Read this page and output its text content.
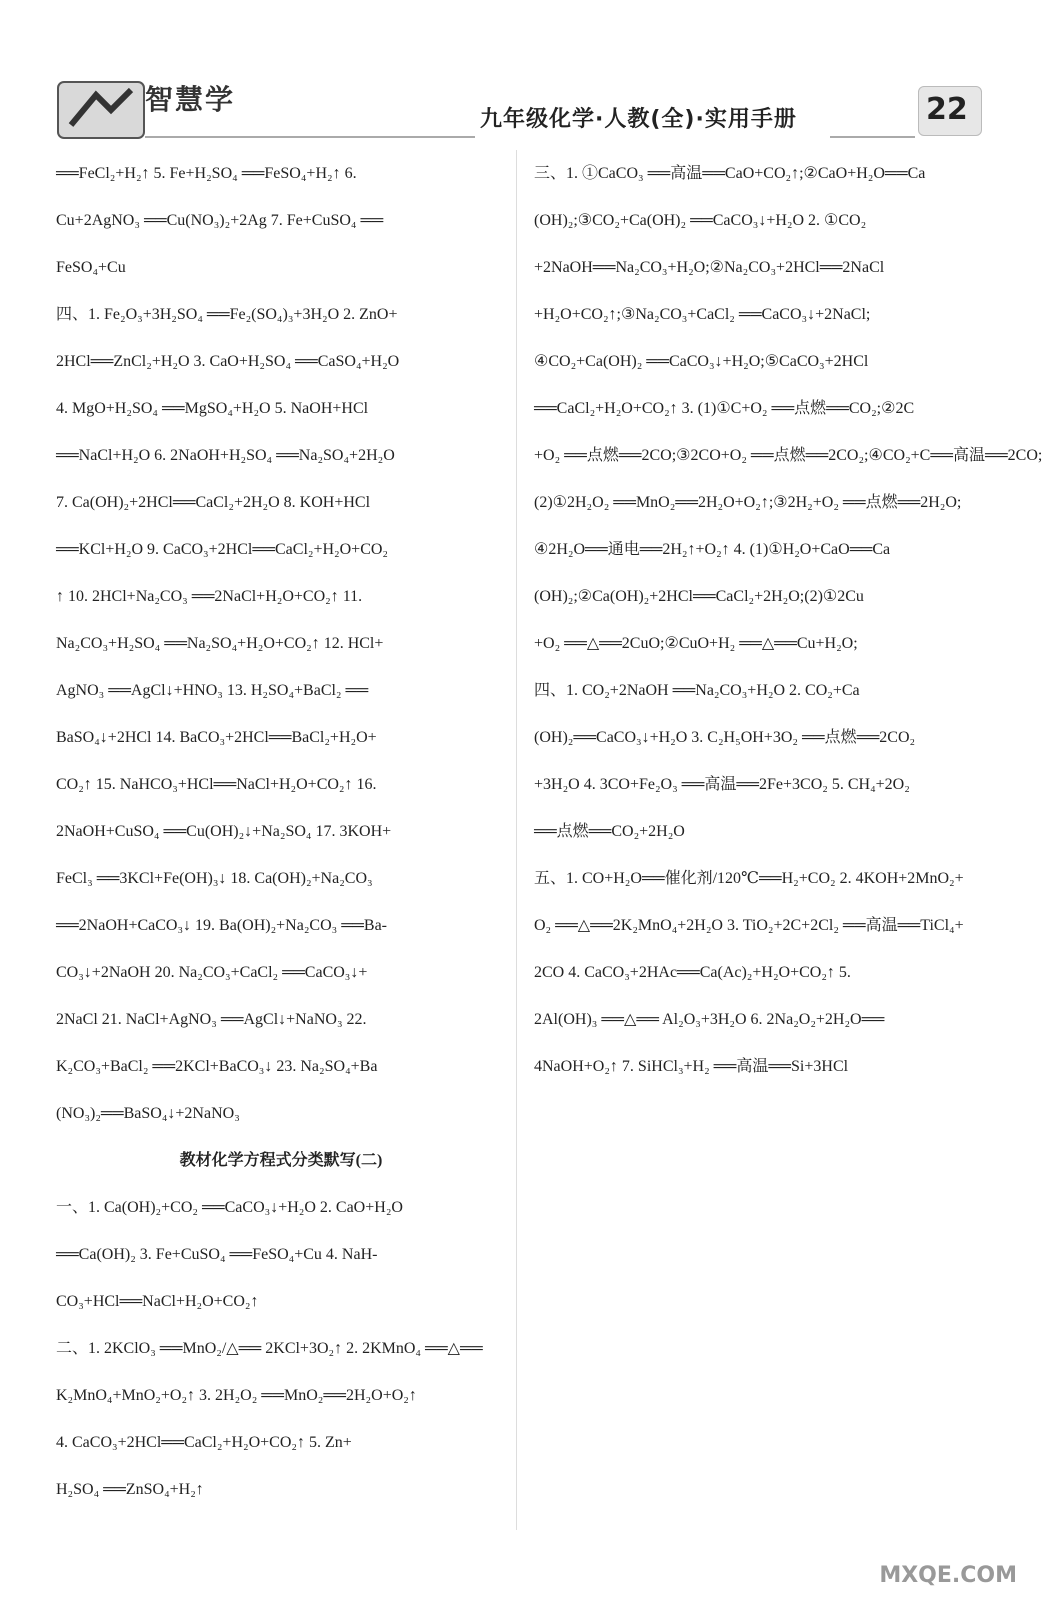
智慧学
九年级化学·人教(全)·实用手册	22
══FeCl₂+H₂↑ 5. Fe+H₂SO₄ ══FeSO₄+H₂↑ 6.
Cu+2AgNO₃ ══Cu(NO₃)₂+2Ag 7. Fe+CuSO₄ ══
FeSO₄+Cu
四、1. Fe₂O₃+3H₂SO₄ ══Fe₂(SO₄)₃+3H₂O 2. ZnO+
2HCl══ZnCl₂+H₂O 3. CaO+H₂SO₄ ══CaSO₄+H₂O
4. MgO+H₂SO₄ ══MgSO₄+H₂O 5. NaOH+HCl
══NaCl+H₂O 6. 2NaOH+H₂SO₄ ══Na₂SO₄+2H₂O
7. Ca(OH)₂+2HCl══CaCl₂+2H₂O 8. KOH+HCl
══KCl+H₂O 9. CaCO₃+2HCl══CaCl₂+H₂O+CO₂
↑ 10. 2HCl+Na₂CO₃ ══2NaCl+H₂O+CO₂↑ 11.
Na₂CO₃+H₂SO₄ ══Na₂SO₄+H₂O+CO₂↑ 12. HCl+
AgNO₃ ══AgCl↓+HNO₃ 13. H₂SO₄+BaCl₂ ══
BaSO₄↓+2HCl 14. BaCO₃+2HCl══BaCl₂+H₂O+
CO₂↑ 15. NaHCO₃+HCl══NaCl+H₂O+CO₂↑ 16.
2NaOH+CuSO₄ ══Cu(OH)₂↓+Na₂SO₄ 17. 3KOH+
FeCl₃ ══3KCl+Fe(OH)₃↓ 18. Ca(OH)₂+Na₂CO₃
══2NaOH+CaCO₃↓ 19. Ba(OH)₂+Na₂CO₃ ══Ba-
CO₃↓+2NaOH 20. Na₂CO₃+CaCl₂ ══CaCO₃↓+
2NaCl 21. NaCl+AgNO₃ ══AgCl↓+NaNO₃ 22.
K₂CO₃+BaCl₂ ══2KCl+BaCO₃↓ 23. Na₂SO₄+Ba
(NO₃)₂══BaSO₄↓+2NaNO₃
教材化学方程式分类默写(二)
一、1. Ca(OH)₂+CO₂ ══CaCO₃↓+H₂O 2. CaO+H₂O
══Ca(OH)₂ 3. Fe+CuSO₄ ══FeSO₄+Cu 4. NaH-
CO₃+HCl══NaCl+H₂O+CO₂↑
二、1. 2KClO₃ ══MnO₂/△══ 2KCl+3O₂↑ 2. 2KMnO₄ ══△══
K₂MnO₄+MnO₂+O₂↑ 3. 2H₂O₂ ══MnO₂══2H₂O+O₂↑
4. CaCO₃+2HCl══CaCl₂+H₂O+CO₂↑ 5. Zn+
H₂SO₄ ══ZnSO₄+H₂↑
三、1. ①CaCO₃ ══高温══CaO+CO₂↑;②CaO+H₂O══Ca
(OH)₂;③CO₂+Ca(OH)₂ ══CaCO₃↓+H₂O 2. ①CO₂
+2NaOH══Na₂CO₃+H₂O;②Na₂CO₃+2HCl══2NaCl
+H₂O+CO₂↑;③Na₂CO₃+CaCl₂ ══CaCO₃↓+2NaCl;
④CO₂+Ca(OH)₂ ══CaCO₃↓+H₂O;⑤CaCO₃+2HCl
══CaCl₂+H₂O+CO₂↑ 3. (1)①C+O₂ ══点燃══CO₂;②2C
+O₂ ══点燃══2CO;③2CO+O₂ ══点燃══2CO₂;④CO₂+C══高温══2CO;
(2)①2H₂O₂ ══MnO₂══2H₂O+O₂↑;③2H₂+O₂ ══点燃══2H₂O;
④2H₂O══通电══2H₂↑+O₂↑ 4. (1)①H₂O+CaO══Ca
(OH)₂;②Ca(OH)₂+2HCl══CaCl₂+2H₂O;(2)①2Cu
+O₂ ══△══2CuO;②CuO+H₂ ══△══Cu+H₂O;
四、1. CO₂+2NaOH ══Na₂CO₃+H₂O 2. CO₂+Ca
(OH)₂══CaCO₃↓+H₂O 3. C₂H₅OH+3O₂ ══点燃══2CO₂
+3H₂O 4. 3CO+Fe₂O₃ ══高温══2Fe+3CO₂ 5. CH₄+2O₂
══点燃══CO₂+2H₂O
五、1. CO+H₂O══催化剂/120℃══H₂+CO₂ 2. 4KOH+2MnO₂+
O₂ ══△══2K₂MnO₄+2H₂O 3. TiO₂+2C+2Cl₂ ══高温══TiCl₄+
2CO 4. CaCO₃+2HAc══Ca(Ac)₂+H₂O+CO₂↑ 5.
2Al(OH)₃ ══△══ Al₂O₃+3H₂O 6. 2Na₂O₂+2H₂O══
4NaOH+O₂↑ 7. SiHCl₃+H₂ ══高温══Si+3HCl
MXQE.COM
